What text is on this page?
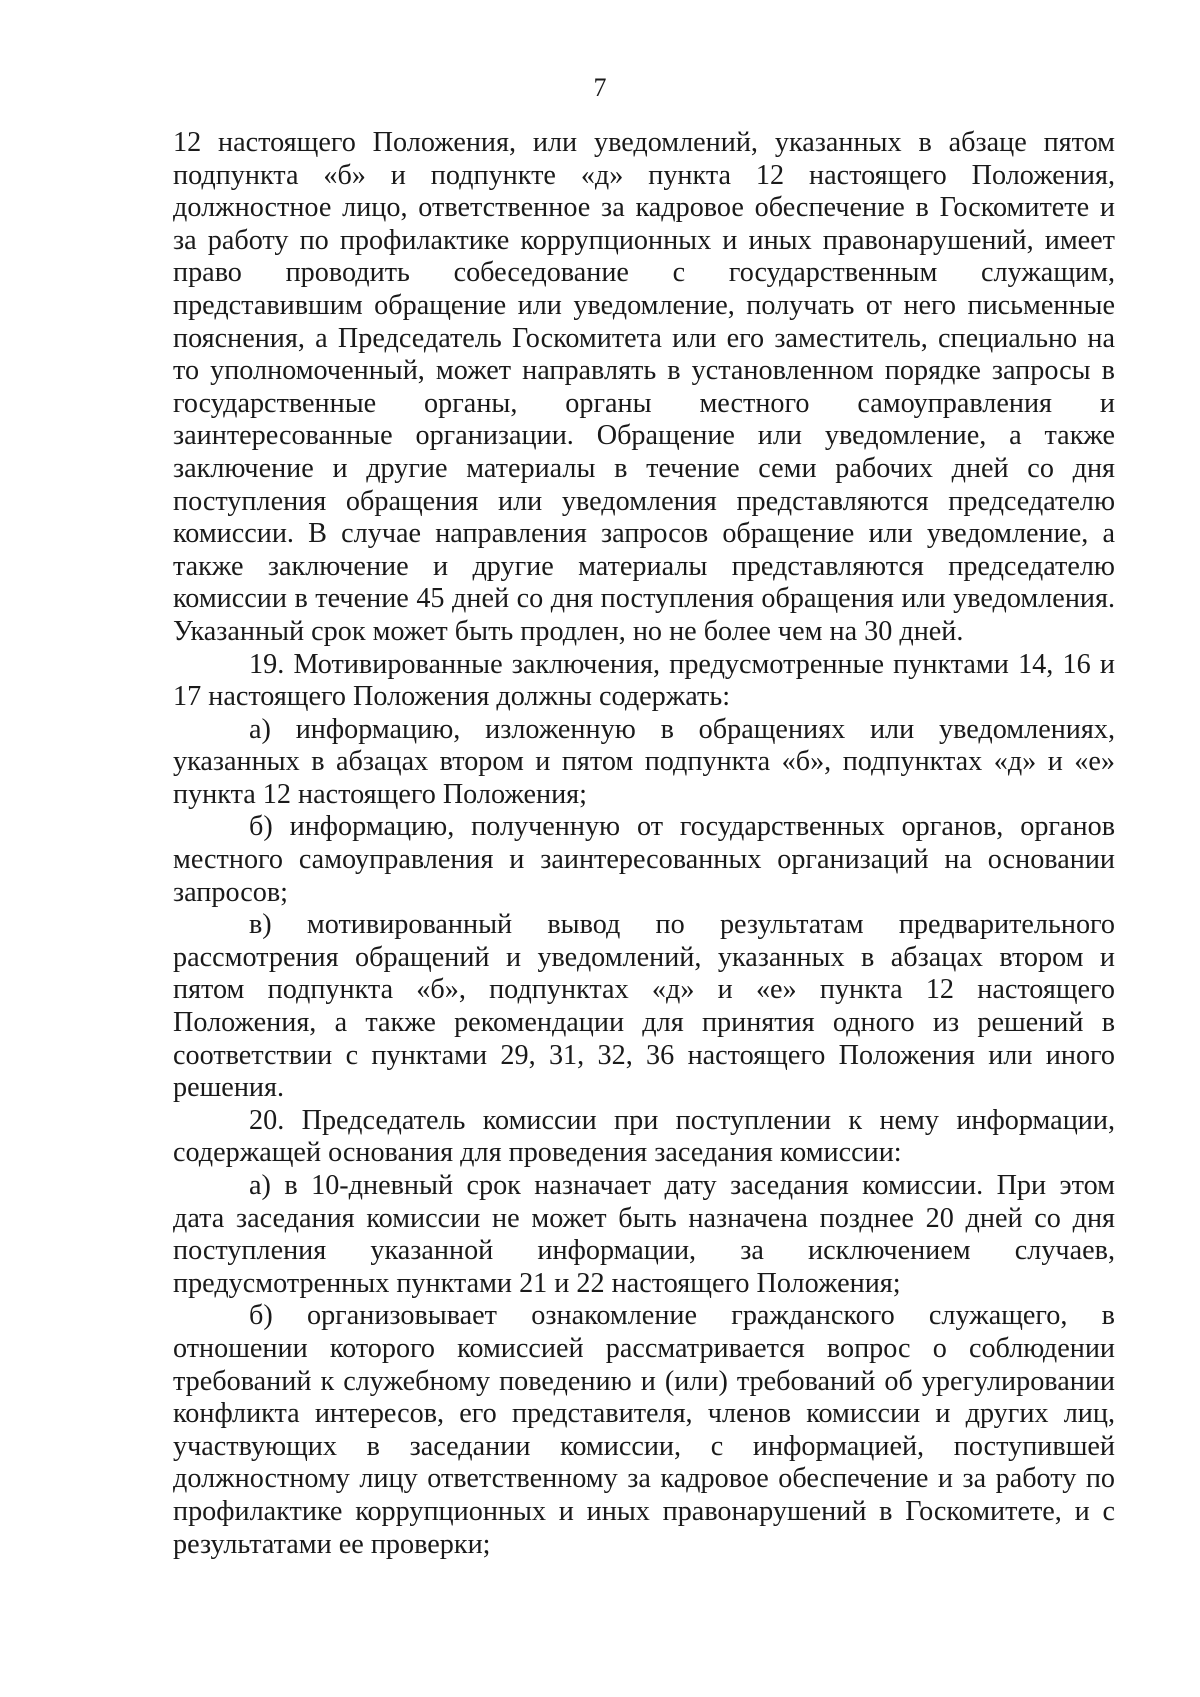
7

12 настоящего Положения, или уведомлений, указанных в абзаце пятом подпункта «б» и подпункте «д» пункта 12 настоящего Положения, должностное лицо, ответственное за кадровое обеспечение в Госкомитете и за работу по профилактике коррупционных и иных правонарушений, имеет право проводить собеседование с государственным служащим, представившим обращение или уведомление, получать от него письменные пояснения, а Председатель Госкомитета или его заместитель, специально на то уполномоченный, может направлять в установленном порядке запросы в государственные органы, органы местного самоуправления и заинтересованные организации. Обращение или уведомление, а также заключение и другие материалы в течение семи рабочих дней со дня поступления обращения или уведомления представляются председателю комиссии. В случае направления запросов обращение или уведомление, а также заключение и другие материалы представляются председателю комиссии в течение 45 дней со дня поступления обращения или уведомления. Указанный срок может быть продлен, но не более чем на 30 дней.

19. Мотивированные заключения, предусмотренные пунктами 14, 16 и 17 настоящего Положения должны содержать:

а) информацию, изложенную в обращениях или уведомлениях, указанных в абзацах втором и пятом подпункта «б», подпунктах «д» и «е» пункта 12 настоящего Положения;

б) информацию, полученную от государственных органов, органов местного самоуправления и заинтересованных организаций на основании запросов;

в) мотивированный вывод по результатам предварительного рассмотрения обращений и уведомлений, указанных в абзацах втором и пятом подпункта «б», подпунктах «д» и «е» пункта 12 настоящего Положения, а также рекомендации для принятия одного из решений в соответствии с пунктами 29, 31, 32, 36 настоящего Положения или иного решения.

20. Председатель комиссии при поступлении к нему информации, содержащей основания для проведения заседания комиссии:

а) в 10-дневный срок назначает дату заседания комиссии. При этом дата заседания комиссии не может быть назначена позднее 20 дней со дня поступления указанной информации, за исключением случаев, предусмотренных пунктами 21 и 22 настоящего Положения;

б) организовывает ознакомление гражданского служащего, в отношении которого комиссией рассматривается вопрос о соблюдении требований к служебному поведению и (или) требований об урегулировании конфликта интересов, его представителя, членов комиссии и других лиц, участвующих в заседании комиссии, с информацией, поступившей должностному лицу ответственному за кадровое обеспечение и за работу по профилактике коррупционных и иных правонарушений в Госкомитете, и с результатами ее проверки;
